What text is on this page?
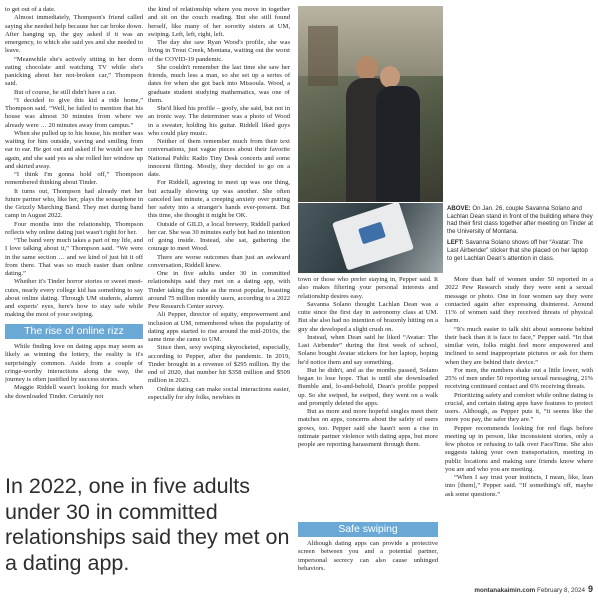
to get out of a date.

Almost immediately, Thompson's friend called saying she needed help because her car broke down. After hanging up, the guy asked if it was an emergency, to which she said yes and she needed to leave.

“Meanwhile she's actively sitting in her dorm eating chocolate and watching TV while she's panicking about her not-broken car,” Thompson said.

But of course, he still didn't have a car.

“I decided to give this kid a ride home,” Thompson said. “Well, he failed to mention that his house was almost 30 minutes from where we already were … 20 minutes away from campus.”

When she pulled up to his house, his mother was waiting for him outside, waving and smiling from ear to ear. He got out and asked if he would see her again, and she said yes as she rolled her window up and skirted away.

“I think I'm gonna hold off,” Thompson remembered thinking about Tinder.

It turns out, Thompson had already met her future partner who, like her, plays the sousaphone in the Grizzly Marching Band. They met during band camp in August 2022.

Four months into the relationship, Thompson reflects why online dating just wasn't right for her.

“The band very much takes a part of my life, and I love talking about it,” Thompson said. “We were in the same section … and we kind of just hit it off from there. That was so much easier than online dating.”

Whether it's Tinder horror stories or sweet meet-cutes, nearly every college kid has something to say about online dating. Through UM students, alumni and experts' eyes, here's how to stay safe while making the most of your swiping.

The rise of online rizz

While finding love on dating apps may seem as likely as winning the lottery, the reality is it's surprisingly common. Aside from a couple of cringe-worthy interactions along the way, the journey is often justified by success stories.

Maggie Riddell wasn't looking for much when she downloaded Tinder. Certainly not

the kind of relationship where you move in together and sit on the couch reading. But she still found herself, like many of her sorority sisters at UM, swiping. Left, left, right, left.

The day she saw Ryan Wood's profile, she was living in Trout Creek, Montana, waiting out the worst of the COVID-19 pandemic.

She couldn't remember the last time she saw her friends, much less a man, so she set up a series of dates for when she got back into Missoula. Wood, a graduate student studying mathematics, was one of them.

She'd liked his profile – goofy, she said, but not in an ironic way. The determiner was a photo of Wood in a sweater, holding his guitar. Riddell liked guys who could play music.

Neither of them remember much from their text conversations, just vague pieces about their favorite National Public Radio Tiny Desk concerts and some innocent flirting. Mostly, they decided to go on a date.

For Riddell, agreeing to meet up was one thing, but actually showing up was another. She often canceled last minute, a creeping anxiety over putting her safety into a stranger's hands ever-present. But this time, she thought it might be OK.

Outside of GILD, a local brewery, Riddell parked her car. She was 30 minutes early but had no intention of going inside. Instead, she sat, gathering the courage to meet Wood.

There are worse outcomes than just an awkward conversation, Riddell knew.

One in five adults under 30 in committed relationships said they met on a dating app, with Tinder taking the cake as the most popular, boasting around 75 million monthly users, according to a 2022 Pew Research Center survey.

Ali Pepper, director of equity, empowerment and inclusion at UM, remembered when the popularity of dating apps started to rise around the mid-2010s, the same time she came to UM.

Since then, sexy swiping skyrocketed, especially, according to Pepper, after the pandemic. In 2019, Tinder brought in a revenue of $295 million. By the end of 2020, that number hit $358 million and $509 million in 2023.

Online dating can make social interactions easier, especially for shy folks, newbies in

ABOVE: On Jan. 26, couple Savanna Solano and Lachlan Dean stand in front of the building where they had their first class together after meeting on Tinder at the University of Montana.

LEFT: Savanna Solano shows off her “Avatar: The Last Airbender” sticker that she placed on her laptop to get Lachlan Dean's attention in class.

town or those who prefer staying in, Pepper said. It also makes filtering your personal interests and relationship desires easy.

Savanna Solano thought Lachlan Dean was a cutie since the first day in astronomy class at UM. But she also had no intention of brazenly hitting on a guy she developed a slight crush on.

Instead, when Dean said he liked “Avatar: The Last Airbender” during the first week of school, Solano bought Avatar stickers for her laptop, hoping he'd notice them and say something.

But he didn't, and as the months passed, Solano began to lose hope. That is until she downloaded Bumble and, lo-and-behold, Dean's profile popped up. So she swiped, he swiped, they went on a walk and promptly deleted the apps.

But as more and more hopeful singles meet their matches on apps, concerns about the safety of users grows, too. Pepper said she hasn't seen a rise in intimate partner violence with dating apps, but more people are reporting harassment through them.

Safe swiping

Although dating apps can provide a protective screen between you and a potential partner, impersonal secrecy can also cause unhinged behaviors.

More than half of women under 50 reported in a 2022 Pew Research study they were sent a sexual message or photo. One in four women say they were contacted again after expressing disinterest. Around 11% of women said they received threats of physical harm.

“It's much easier to talk shit about someone behind their back than it is face to face,” Pepper said. “In that similar vein, folks might feel more empowered and inclined to send inappropriate pictures or ask for them when they are behind their device.”

For men, the numbers shake out a little lower, with 25% of men under 50 reporting sexual messaging, 21% receiving continued contact and 6% receiving threats.

Prioritizing safety and comfort while online dating is crucial, and certain dating apps have features to protect users. Although, as Pepper puts it, “it seems like the more you pay, the safer they are.”

Pepper recommends looking for red flags before meeting up in person, like inconsistent stories, only a few photos or refusing to talk over FaceTime. She also suggests taking your own transportation, meeting in public locations and making sure friends know where you are and who you are meeting.

“When I say trust your instincts, I mean, like, lean into [them],” Pepper said. “If something's off, maybe ask some questions.”

In 2022, one in five adults under 30 in committed relationships said they met on a dating app.
montanakaimin.com February 8, 2024 9
